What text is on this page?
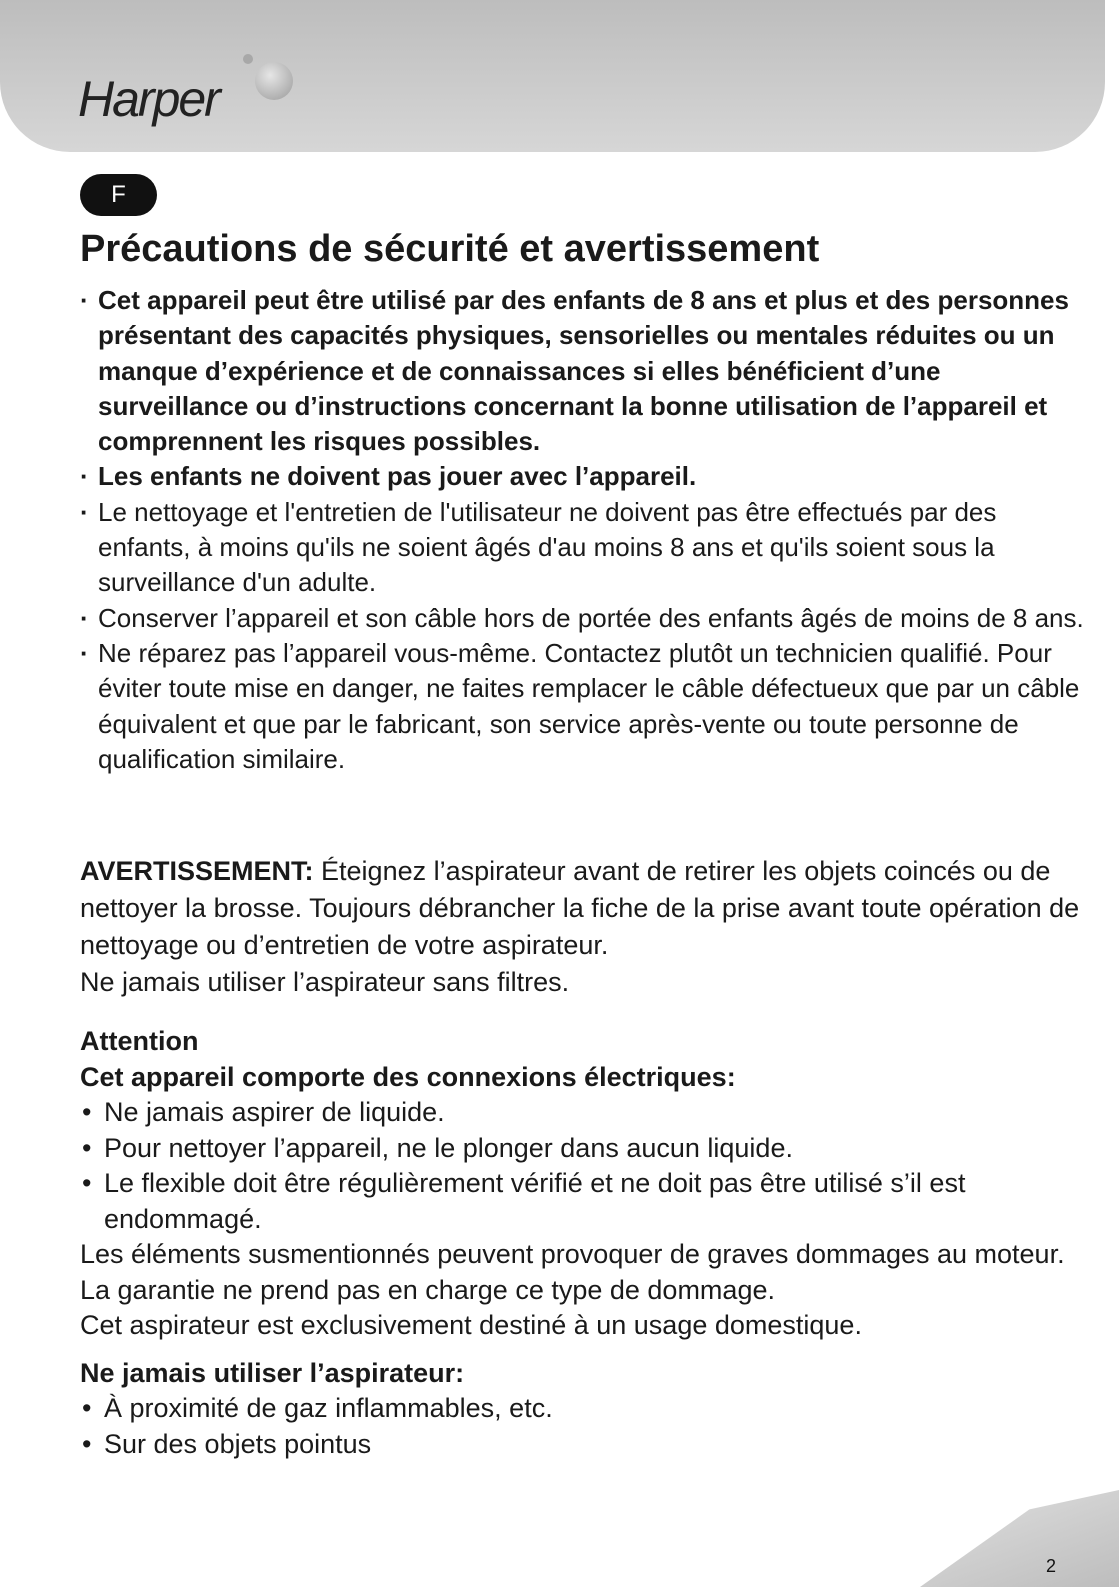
Harper
F
Précautions de sécurité et avertissement
· Cet appareil peut être utilisé par des enfants de 8 ans et plus et des personnes présentant des capacités physiques, sensorielles ou mentales réduites ou un manque d’expérience et de connaissances si elles bénéficient d’une surveillance ou d’instructions concernant la bonne utilisation de l’appareil et comprennent les risques possibles.
· Les enfants ne doivent pas jouer avec l’appareil.
· Le nettoyage et l'entretien de l'utilisateur ne doivent pas être effectués par des enfants, à moins qu'ils ne soient âgés d'au moins 8 ans et qu'ils soient sous la surveillance d'un adulte.
· Conserver l’appareil et son câble hors de portée des enfants âgés de moins de 8 ans.
· Ne réparez pas l’appareil vous-même. Contactez plutôt un technicien qualifié. Pour éviter toute mise en danger, ne faites remplacer le câble défectueux que par un câble équivalent et que par le fabricant, son service après-vente ou toute personne de qualification similaire.

AVERTISSEMENT: Éteignez l’aspirateur avant de retirer les objets coincés ou de nettoyer la brosse. Toujours débrancher la fiche de la prise avant toute opération de nettoyage ou d’entretien de votre aspirateur.

Ne jamais utiliser l’aspirateur sans filtres.

Attention

Cet appareil comporte des connexions électriques:

• Ne jamais aspirer de liquide.
• Pour nettoyer l’appareil, ne le plonger dans aucun liquide.
• Le flexible doit être régulièrement vérifié et ne doit pas être utilisé s’il est endommagé.

Les éléments susmentionnés peuvent provoquer de graves dommages au moteur. La garantie ne prend pas en charge ce type de dommage.

Cet aspirateur est exclusivement destiné à un usage domestique.

Ne jamais utiliser l’aspirateur:

• À proximité de gaz inflammables, etc.
• Sur des objets pointus
2
